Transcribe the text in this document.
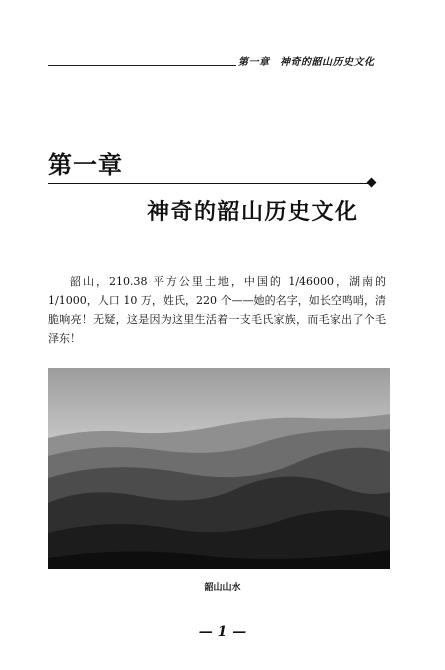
第一章　神奇的韶山历史文化
第一章
神奇的韶山历史文化

韶山，210.38 平方公里土地，中国的 1/46000，湖南的 1/1000，人口 10 万，姓氏，220 个——她的名字，如长空鸣哨，清脆响亮！无疑，这是因为这里生活着一支毛氏家族，而毛家出了个毛泽东！

韶山山水
— 1 —
